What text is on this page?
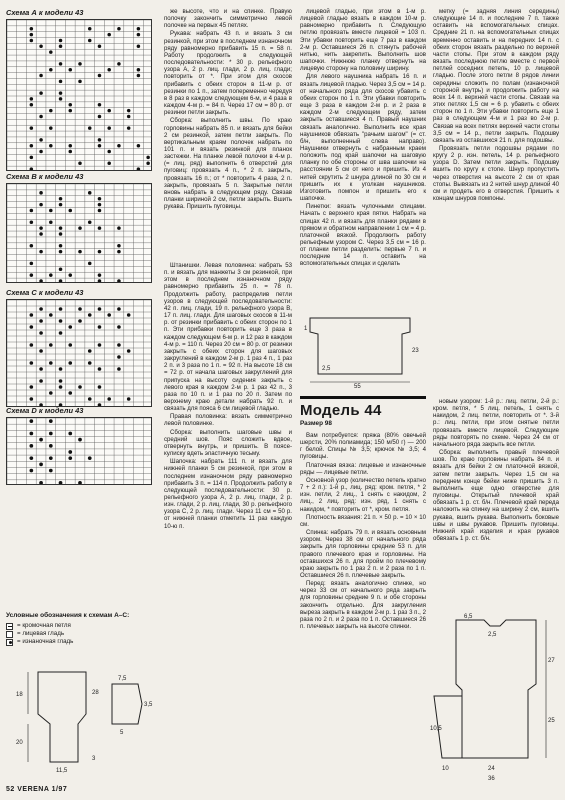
Схема А к модели 43
Схема В к модели 43
Схема С к модели 43
Схема D к модели 43
Условные обозначения к схемам А–С:
= кромочная петля
= лицевая гладь
= изнаночная гладь
18
20
11,5
28
3
7,5
3,5
5

же высоте, что и на спинке. Правую полочку закончить симметрично левой полочке на первых 45 петлях.

Рукава: набрать 43 п. и вязать 3 см резинкой, при этом в последнем изнаночном ряду равномерно прибавить 15 п. = 58 п. Работу продолжить в следующей последовательности: * 30 р. рельефного узора А, 2 р. лиц. глади, 2 р. лиц. глади; повторить от *. При этом для скосов прибавить с обеих сторон в 11-м р. от резинки по 1 п., затем попеременно чередуя в 8 раз в каждом следующем 6-м, и 4 раза в каждом 4-м р. = 84 п. Через 17 см = 80 р. от резинки петли закрыть.

Сборка: выполнить швы. По краю горловины набрать 85 п. и вязать для бейки 2 см резинкой, затем петли закрыть. По вертикальным краям полочек набрать по 101 п. и вязать резинкой для планок застежки. На планке левой полочки в 4-м р. (= лиц. ряд) выполнить 6 отверстий для пуговиц: провязать 4 п., * 2 п. закрыть, провязать 16 п.; от * повторить 4 раза, 2 п. закрыть, провязать 5 п. Закрытые петли вновь набрать в следующем ряду. Связав планки шириной 2 см, петли закрыть. Вшить рукава. Пришить пуговицы.

55
23
1
2,5

Штанишки. Левая половинка: набрать 53 п. и вязать для манжеты 3 см резинкой, при этом в последнем изнаночном ряду равномерно прибавить 25 п. = 78 п. Продолжить работу, распределив петли узоров в следующей последовательности: 42 п. лиц. глади, 19 п. рельефного узора В, 17 п. лиц. глади. Для шаговых скосов в 11-м р. от резинки прибавить с обеих сторон по 1 п. Эти прибавки повторить еще 3 раза в каждом следующем 6-м р. и 12 раз в каждом 4-м р. = 110 п. Через 20 см = 80 р. от резинки закрыть с обеих сторон для шаговых закруглений в каждом 2-м р. 1 раз 4 п., 1 раз 2 п. и 3 раза по 1 п. = 92 п. На высоте 18 см = 72 р. от начала шаговых закруглений для припуска на высоту сидения закрыть с левого края в каждом 2-м р. 1 раз 42 п., 3 раза по 10 п. и 1 раз по 20 п. Затем по верхнему краю детали набрать 92 п. и связать для пояса 6 см лицевой гладью.

Правая половинка: вязать симметрично левой половинке.

Сборка: выполнить шаговые швы и средний шов. Пояс сложить вдвое, отвернуть внутрь, и пришить. В поясе-кулиску вдеть эластичную тесьму.

Шапочка: набрать 111 п. и вязать для нижней планки 5 см резинкой, при этом в последнем изнаночном ряду равномерно прибавить 3 п. = 114 п. Продолжить работу в следующей последовательности: 30 р. рельефного узора А, 2 р. лиц. глади, 2 р. изн. глади, 2 р. лиц. глади, 30 р. рельефного узора С, 2 р. лиц. глади. Через 11 см = 50 р. от нижней планки отметить 11 раз каждую 10-ю п.

лицевой гладью, при этом в 1-м р. лицевой гладью вязать в каждом 10-м р. равномерно прибавить п. Следующую петлю провязать вместе лицевой = 103 п. Эти убавки повторить еще 7 раз в каждом 2-м р. Оставшиеся 26 п. стянуть рабочей нитью, нить закрепить. Выполнить шов шапочки. Нижнюю планку отвернуть на лицевую сторону на половину ширину.

Для левого наушника набрать 16 п. и вязать лицевой гладью. Через 3,5 см = 14 р. от начального ряда для скосов убавить с обеих сторон по 1 п. Эти убавки повторить еще 3 раза в каждом 2-м р. и 2 раза в каждом 2-м следующем ряду, затем закрыть оставшиеся 4 п. Правый наушник связать аналогично. Выполнить все края наушников обвязать "рачьим шагом" (= ст. б/н, выполненный слева направо). Наушники отвернуть с набранным краем положить под край шапочки на шаговую планку по обе стороны от шва шапочки на расстоянии 5 см от него и пришить. Из 4 нитей скрутить 2 шнура длиной по 30 см и пришить их к уголкам наушников. Изготовить помпон и пришить его к шапочке.

Пинетки: вязать чулочными спицами. Начать с верхнего края пятки. Набрать на спицах 42 п. и вязать для планки рядами в прямом и обратном направлении 1 см = 4 р. платочной вязкой. Продолжить работу рельефным узором С. Через 3,5 см = 16 р. от планки петли разделить: первые 7 п. и последние 14 п. оставить на вспомогательных спицах и сделать

Модель 44
Размер 98

Вам потребуется: пряжа (80% овечьей шерсти, 20% полиамида; 150 м/50 г) — 200 г белой. Спицы № 3,5; крючок № 3,5; 4 пуговицы.

Платочная вязка: лицевые и изнаночные ряды — лицевые петли.

Основной узор (количество петель кратно 7 + 2 п.): 1-й р., лиц. ряд: кром. петля, * 2 изн. петли, 2 лиц., 1 снять с накидом, 2 лиц., 2 лиц. ряд: изн. ряд, 1 снять с накидом, * повторить от *, кром. петля.

Плотность вязания: 21 п. × 50 р. = 10 × 10 см.

Спинка: набрать 79 п. и вязать основным узором. Через 38 см от начального ряда закрыть для горловины средние 53 п. для правого плечевого края и горловины. На оставшихся 26 п. для пройм по плечевому краю закрыть по 1 раз 2 п. и 2 раза по 1 п. Оставшиеся 26 п. плечевые закрыть.

Перед: вязать аналогично спинке, но через 33 см от начального ряда закрыть для горловины средние 9 п. и обе стороны закончить отдельно. Для закругления выреза закрыть в каждом 2-м р. 1 раз 3 п., 2 раза по 2 п. и 2 раза по 1 п. Оставшиеся 26 п. плечевых закрыть на высоте спинки.

метку (= задняя линия середины) следующие 14 п. и последние 7 п. также оставить на вспомогательных спицах. Средние 21 п. на вспомогательных спицах временно оставить и на передних 14 п. с обеих сторон вязать раздельно по верхней части стопы. При этом в каждом ряду вязать последнюю петлю вместе с первой петлей соседних петель, 10 р. лицевой гладью. После этого петли 8 рядов линии середины сложить по полам (изнаночной стороной внутрь) и продолжить работу на всех 14 п. верхней части стопы. Связав на этих петлях 1,5 см = 6 р. убавить с обеих сторон по 1 п. Эти убавки повторить еще 1 раз в следующем 4-м и 1 раз во 2-м р. Связав на всех петлях верхней части стопы 3,5 см = 14 р., петли закрыть. Подошву связать из оставшихся 21 п. для подошвы.

Провязать петли подошвы рядами по кругу 2 р. изн. петель, 14 р. рельефного узора D. Затем петли закрыть. Подошву вшить по кругу к стопе. Шнур пропустить через отверстия на высоте 2 см от края стопы. Вывязать из 2 нитей шнур длиной 40 см и продеть его в отверстия. Пришить к концам шнуров помпоны.

новым узором: 1-й р.: лиц. петли, 2-й р.: кром. петля, * 5 лиц. петель, 1 снять с накидом, 2 лиц. петли, повторить от *. 3-й р.: лиц. петли, при этом снятые петли провязать вместе лицевой. Следующие ряды повторять по схеме. Через 24 см от начального ряда закрыть все петли.

Сборка: выполнить правый плечевой шов. По краю горловины набрать 84 п. и вязать для бейки 2 см платочной вязкой, затем петли закрыть. Через 1,5 см на переднем конце бейки ниже пришить 3 п. выполнить еще одно отверстие для пуговицы. Открытый плечевой край обвязать 1 р. ст. б/н. Плечевой край переда наложить на спинку на ширину 2 см, вшить рукава, вшить рукава. Выполнить боковые швы и швы рукавов. Пришить пуговицы. Нижний край изделия и края рукавов обвязать 1 р. ст. б/н.

6,5
2,5
27
25
24
10,5
10
36
52 VERENA 1/97
